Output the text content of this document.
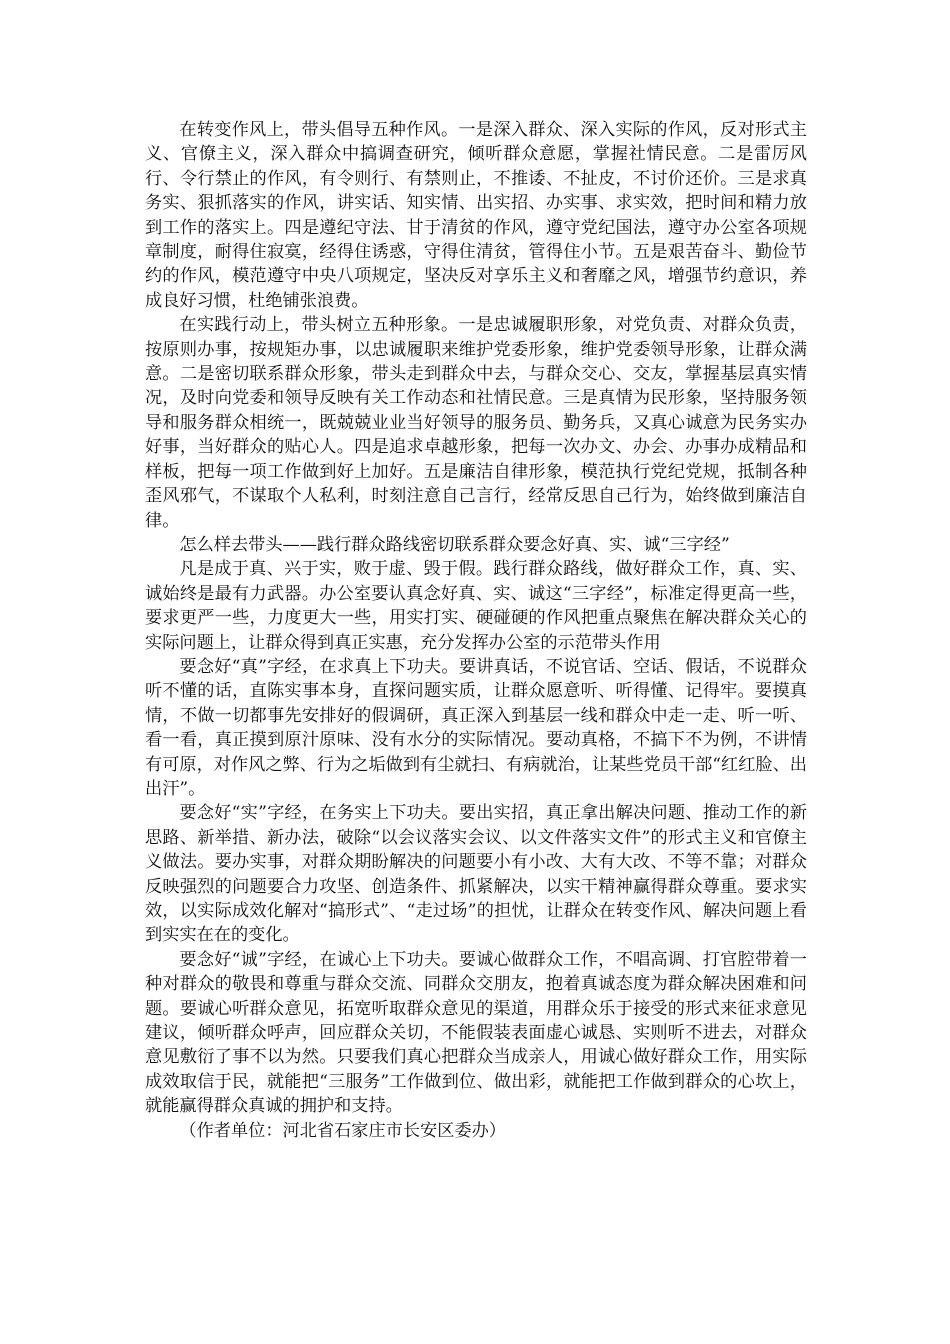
在转变作风上，带头倡导五种作风。一是深入群众、深入实际的作风，反对形式主义、官僚主义，深入群众中搞调查研究，倾听群众意愿，掌握社情民意。二是雷厉风行、令行禁止的作风，有令则行、有禁则止，不推诿、不扯皮，不讨价还价。三是求真务实、狠抓落实的作风，讲实话、知实情、出实招、办实事、求实效，把时间和精力放到工作的落实上。四是遵纪守法、甘于清贫的作风，遵守党纪国法，遵守办公室各项规章制度，耐得住寂寞，经得住诱惑，守得住清贫，管得住小节。五是艰苦奋斗、勤俭节约的作风，模范遵守中央八项规定，坚决反对享乐主义和奢靡之风，增强节约意识，养成良好习惯，杜绝铺张浪费。

在实践行动上，带头树立五种形象。一是忠诚履职形象，对党负责、对群众负责，按原则办事，按规矩办事，以忠诚履职来维护党委形象，维护党委领导形象，让群众满意。二是密切联系群众形象，带头走到群众中去，与群众交心、交友，掌握基层真实情况，及时向党委和领导反映有关工作动态和社情民意。三是真情为民形象，坚持服务领导和服务群众相统一，既兢兢业业当好领导的服务员、勤务兵，又真心诚意为民务实办好事，当好群众的贴心人。四是追求卓越形象，把每一次办文、办会、办事办成精品和样板，把每一项工作做到好上加好。五是廉洁自律形象，模范执行党纪党规，抵制各种歪风邪气，不谋取个人私利，时刻注意自己言行，经常反思自己行为，始终做到廉洁自律。

怎么样去带头——践行群众路线密切联系群众要念好真、实、诚“三字经”

凡是成于真、兴于实，败于虚、毁于假。践行群众路线，做好群众工作，真、实、诚始终是最有力武器。办公室要认真念好真、实、诚这“三字经”，标准定得更高一些，要求更严一些，力度更大一些，用实打实、硬碰硬的作风把重点聚焦在解决群众关心的实际问题上，让群众得到真正实惠，充分发挥办公室的示范带头作用

要念好“真”字经，在求真上下功夫。要讲真话，不说官话、空话、假话，不说群众听不懂的话，直陈实事本身，直探问题实质，让群众愿意听、听得懂、记得牢。要摸真情，不做一切都事先安排好的假调研，真正深入到基层一线和群众中走一走、听一听、看一看，真正摸到原汁原味、没有水分的实际情况。要动真格，不搞下不为例，不讲情有可原，对作风之弊、行为之垢做到有尘就扫、有病就治，让某些党员干部“红红脸、出出汗”。

要念好“实”字经，在务实上下功夫。要出实招，真正拿出解决问题、推动工作的新思路、新举措、新办法，破除“以会议落实会议、以文件落实文件”的形式主义和官僚主义做法。要办实事，对群众期盼解决的问题要小有小改、大有大改、不等不靠；对群众反映强烈的问题要合力攻坚、创造条件、抓紧解决，以实干精神赢得群众尊重。要求实效，以实际成效化解对“搞形式”、“走过场”的担忧，让群众在转变作风、解决问题上看到实实在在的变化。

要念好“诚”字经，在诚心上下功夫。要诚心做群众工作，不唱高调、打官腔带着一种对群众的敬畏和尊重与群众交流、同群众交朋友，抱着真诚态度为群众解决困难和问题。要诚心听群众意见，拓宽听取群众意见的渠道，用群众乐于接受的形式来征求意见建议，倾听群众呼声，回应群众关切，不能假装表面虚心诚恳、实则听不进去，对群众意见敷衍了事不以为然。只要我们真心把群众当成亲人，用诚心做好群众工作，用实际成效取信于民，就能把“三服务”工作做到位、做出彩，就能把工作做到群众的心坎上，就能赢得群众真诚的拥护和支持。

（作者单位：河北省石家庄市长安区委办）
